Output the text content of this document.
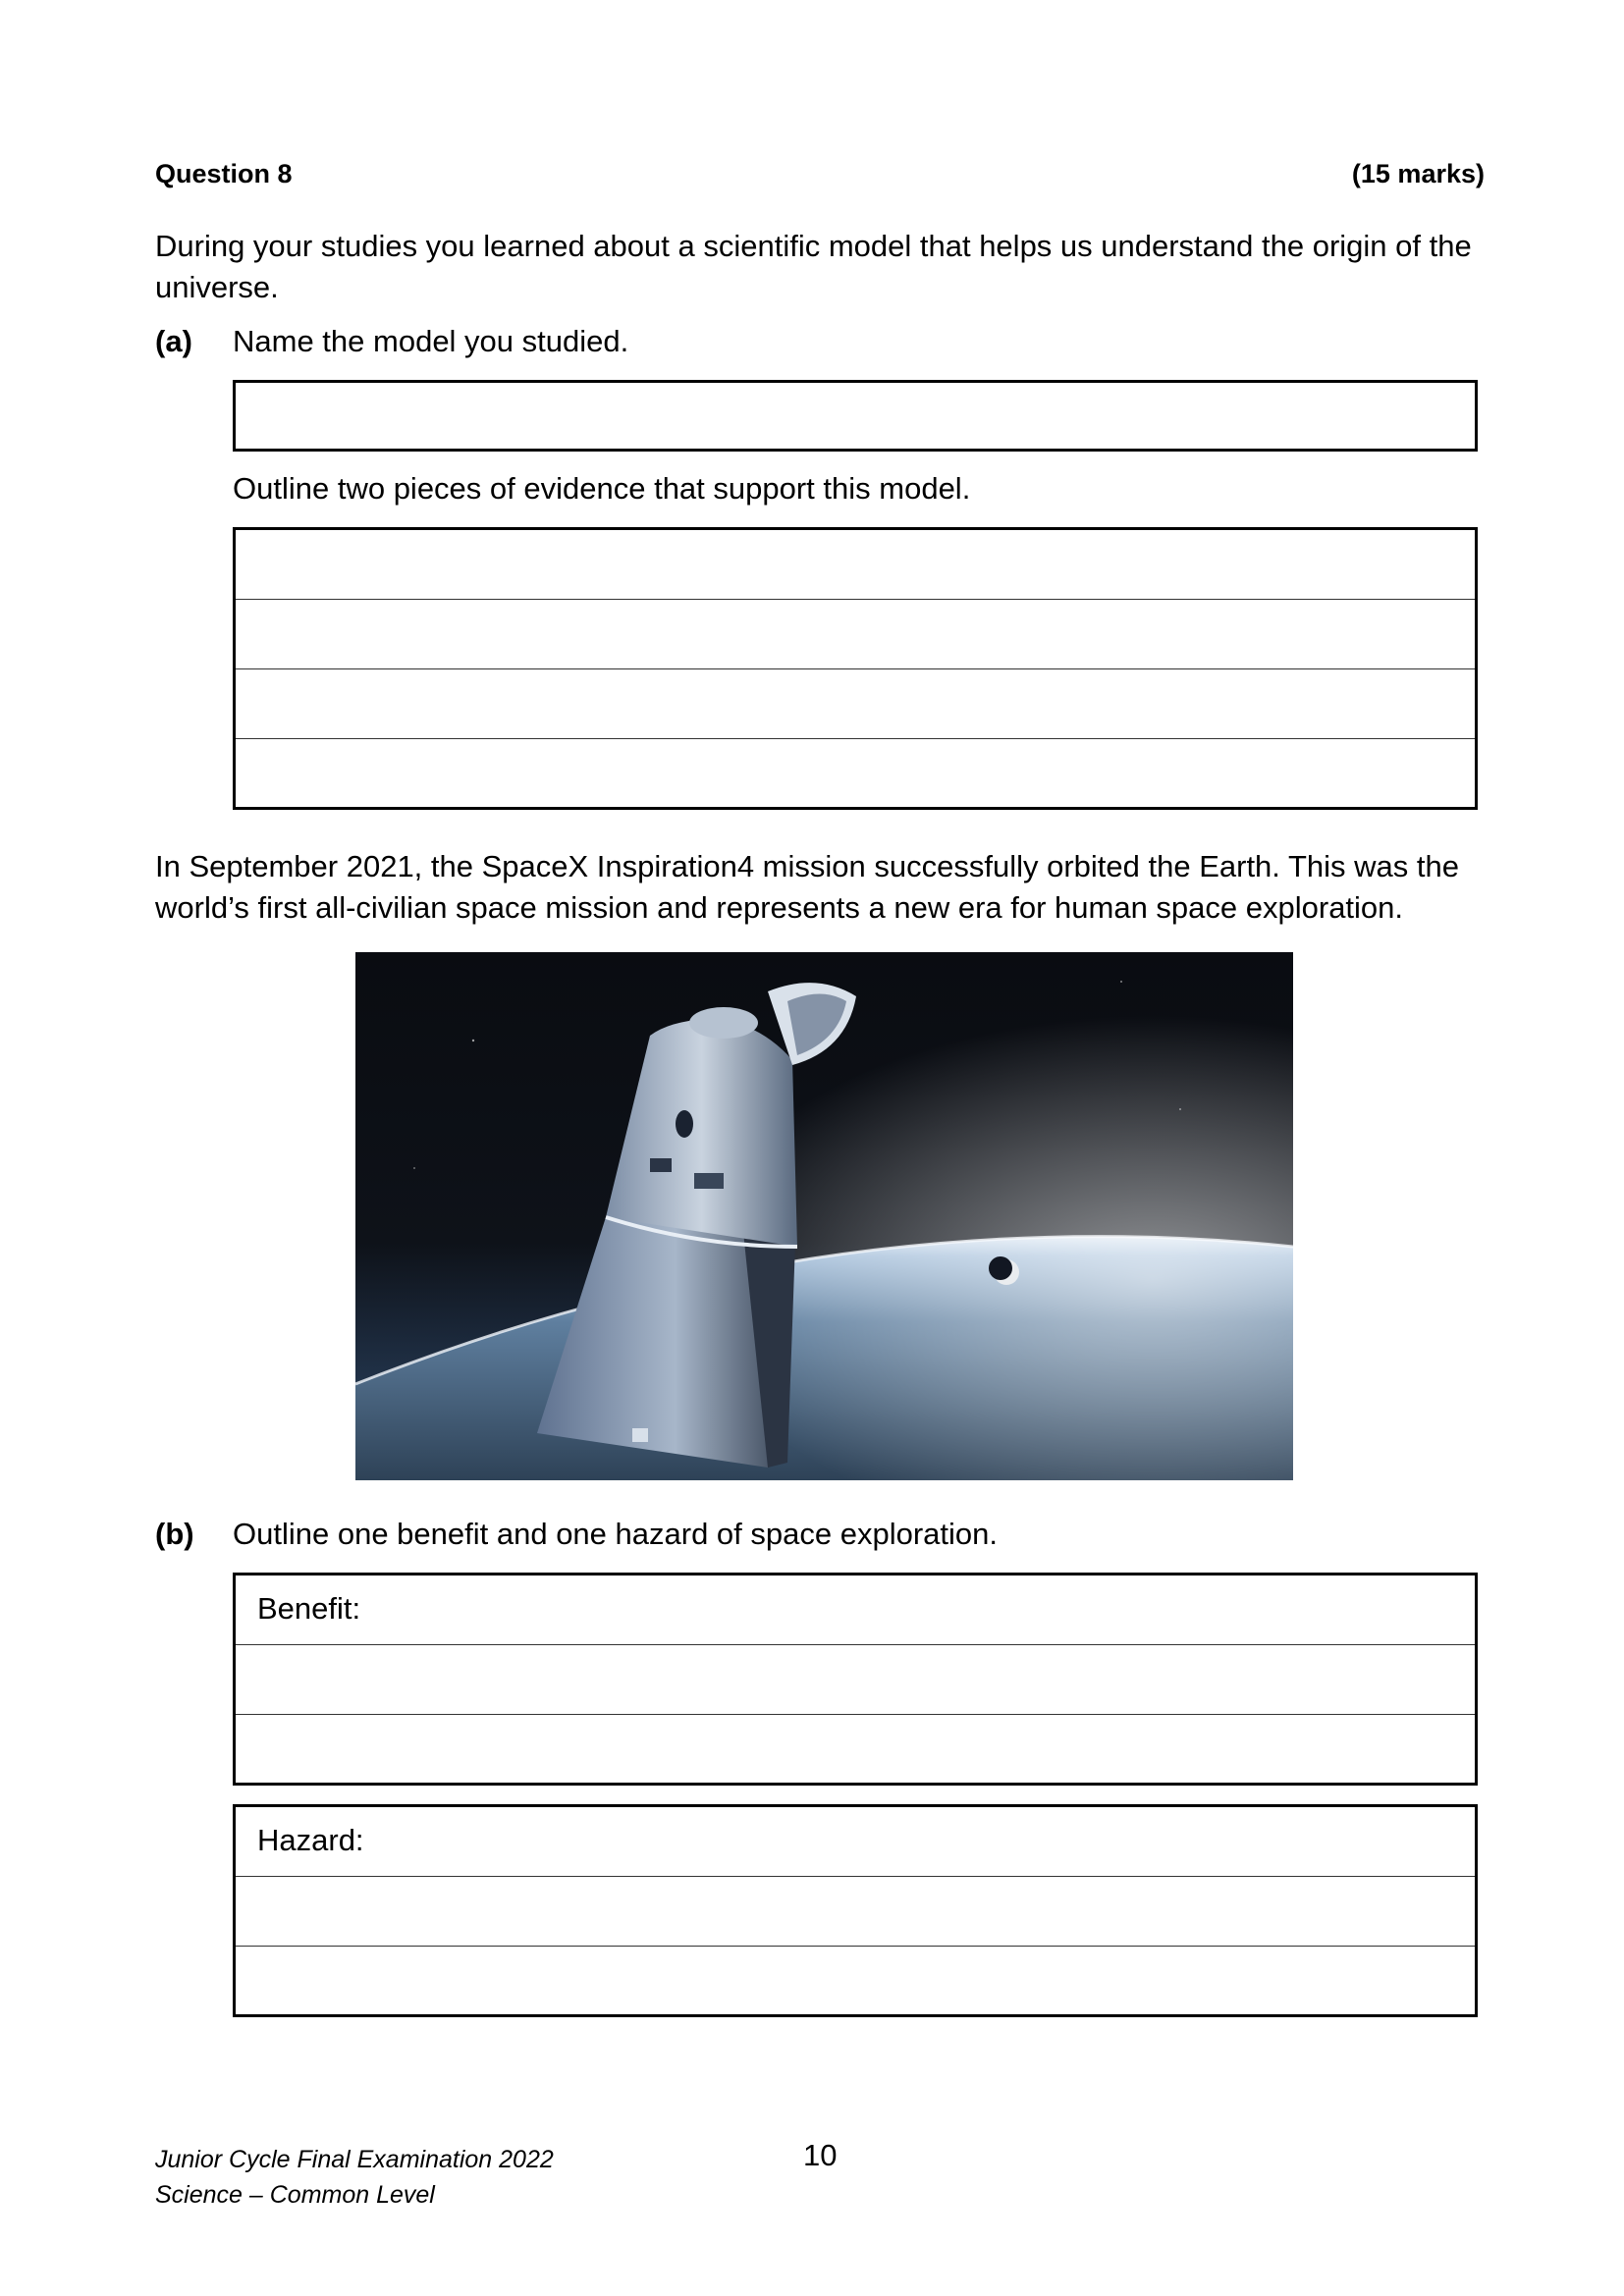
Question 8	(15 marks)
During your studies you learned about a scientific model that helps us understand the origin of the universe.
(a) Name the model you studied.
Outline two pieces of evidence that support this model.
In September 2021, the SpaceX Inspiration4 mission successfully orbited the Earth. This was the world’s first all-civilian space mission and represents a new era for human space exploration.
(b) Outline one benefit and one hazard of space exploration.
Benefit:
Hazard:
Junior Cycle Final Examination 2022
Science – Common Level
10
